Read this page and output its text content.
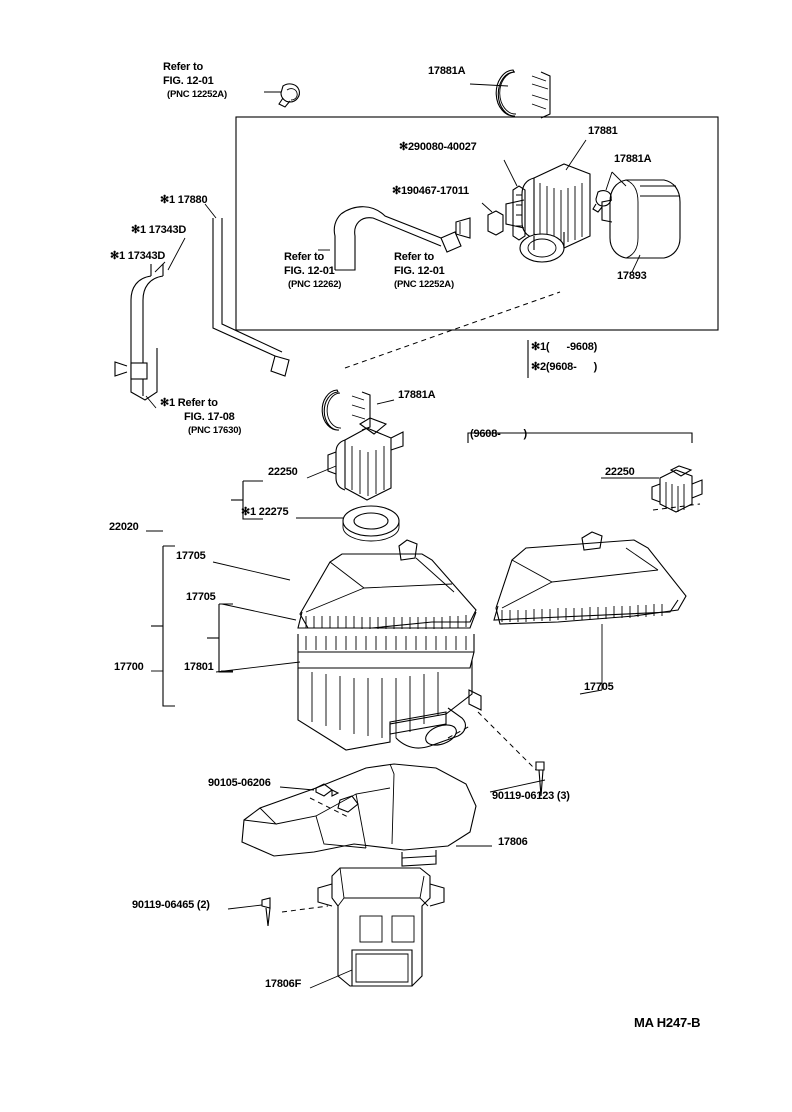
Refer to
FIG. 12-01
(PNC 12252A)
17881A
✻290080-40027
17881
17881A
✻190467-17011
17893
Refer to
FIG. 12-01
(PNC 12262)
Refer to
FIG. 12-01
(PNC 12252A)
✻1 17880
✻1 17343D
✻1 17343D
✻1 Refer to
FIG. 17-08
(PNC 17630)
17881A
✻1(      -9608)
✻2(9608-      )
(9608-        )
22250	22250
✻1 22275
22020
17705
17705
17700	17801
17705
90105-06206
90119-06123 (3)
17806
90119-06465 (2)
17806F
MA H247-B
